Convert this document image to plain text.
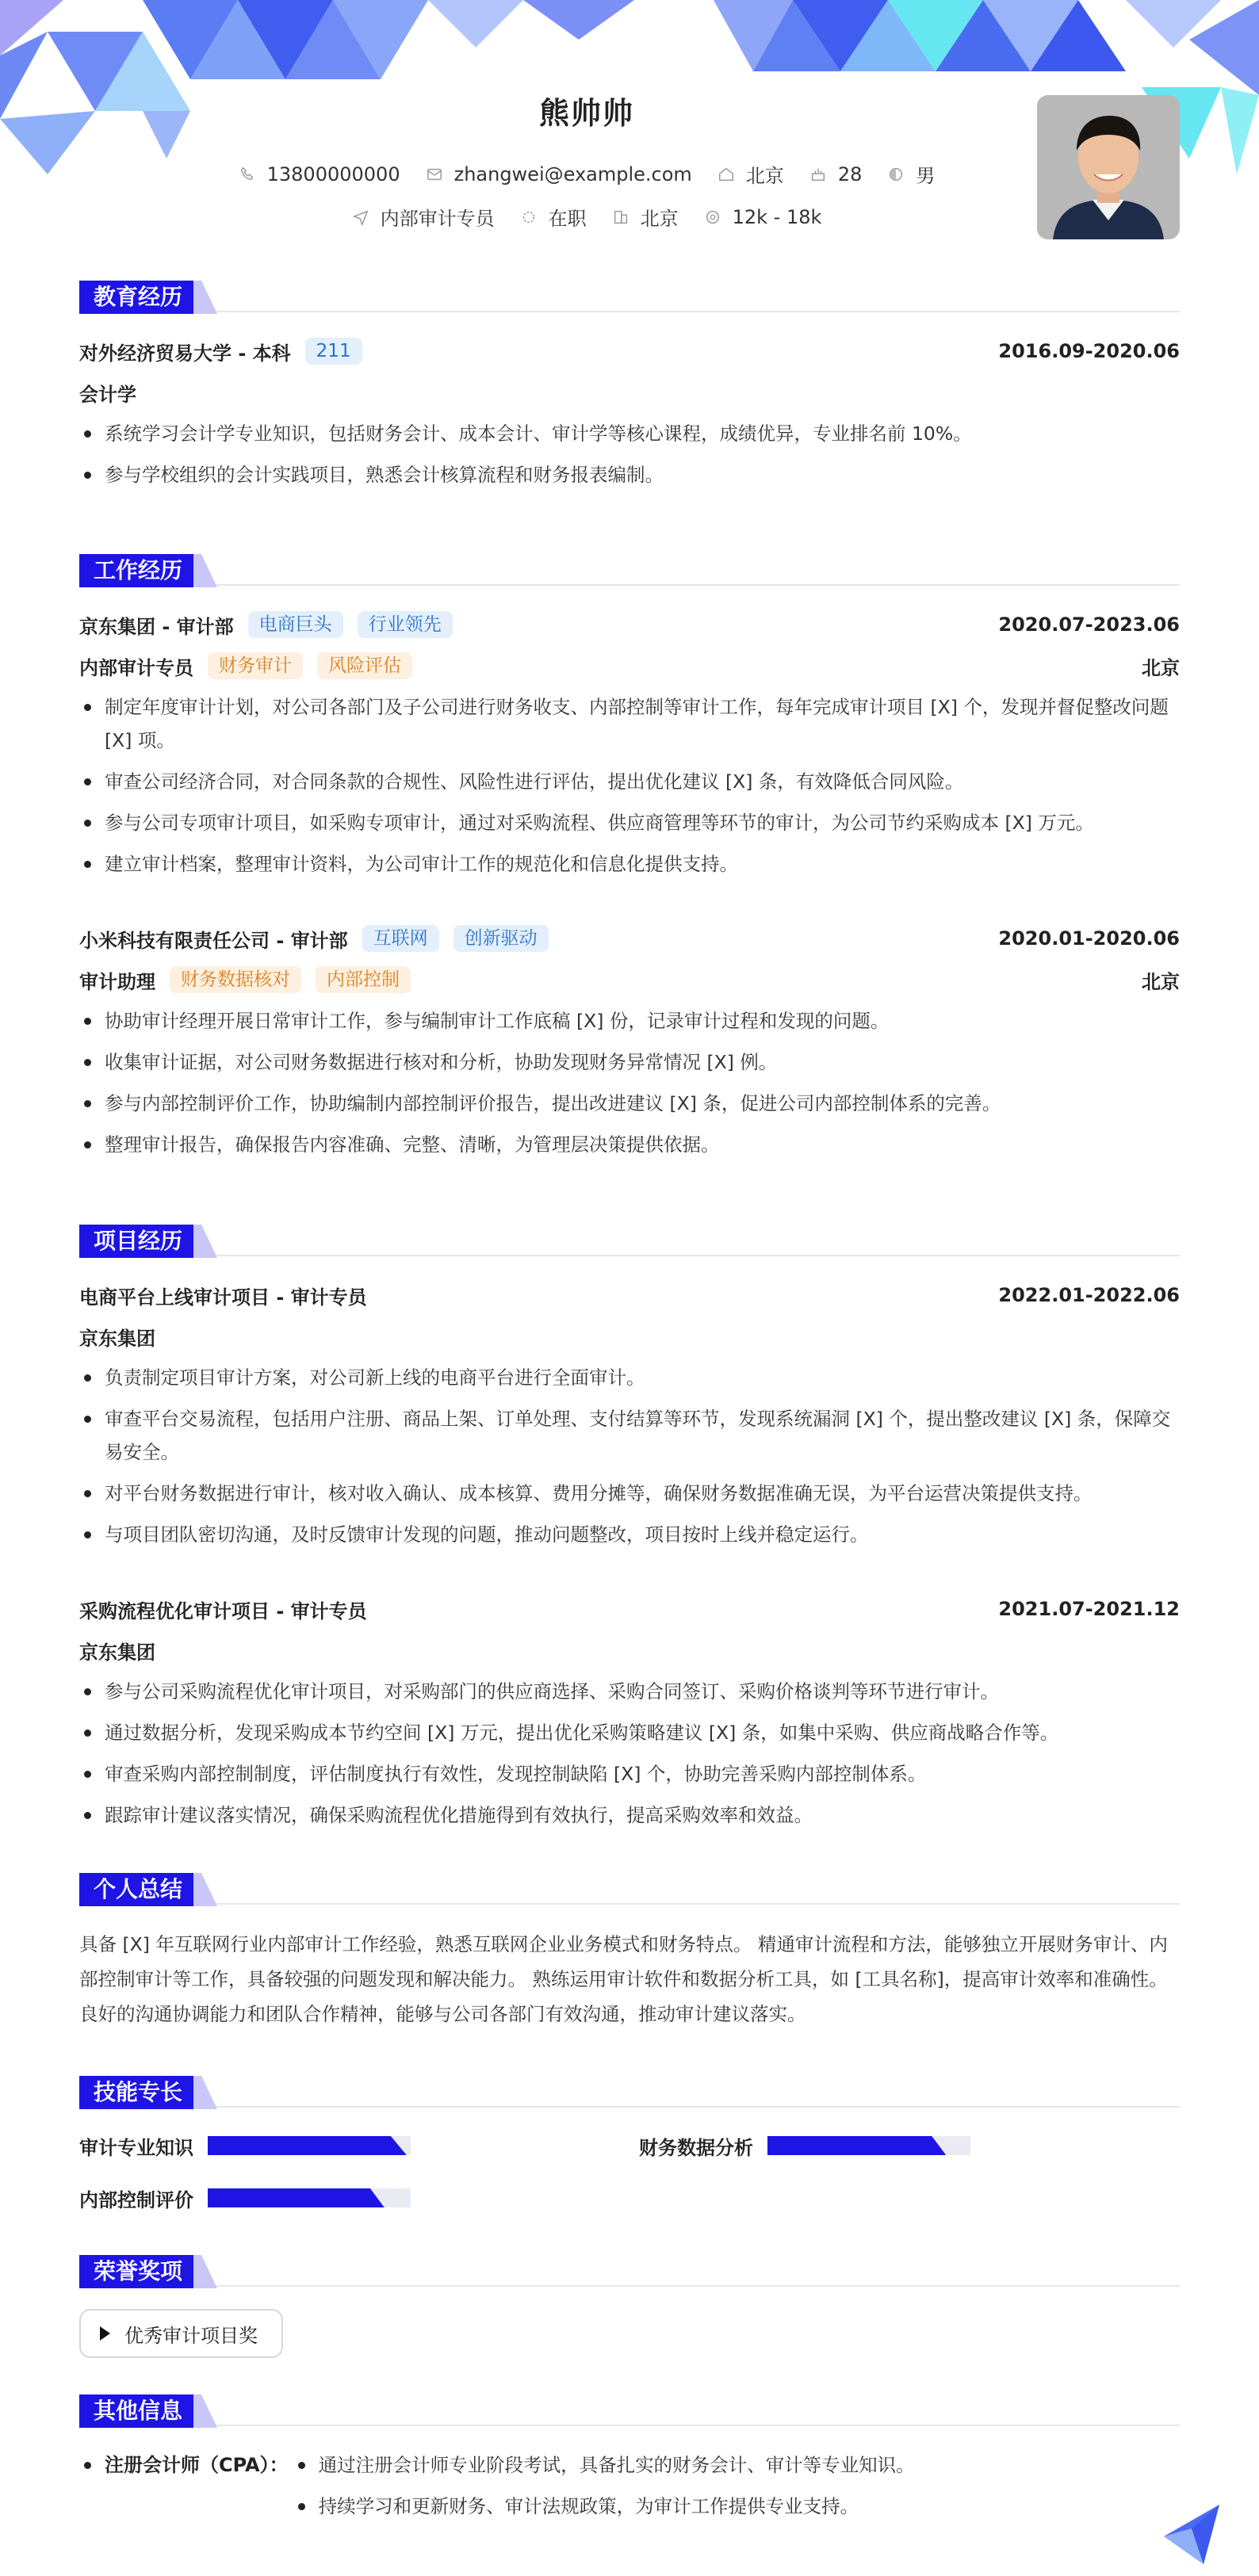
熊帅帅
13800000000	zhangwei@example.com	北京	28	男
内部审计专员	在职	北京	12k - 18k
教育经历
对外经济贸易大学 - 本科	211	2016.09-2020.06
会计学
系统学习会计学专业知识，包括财务会计、成本会计、审计学等核心课程，成绩优异，专业排名前 10%。
参与学校组织的会计实践项目，熟悉会计核算流程和财务报表编制。
工作经历
京东集团 - 审计部	电商巨头	行业领先	2020.07-2023.06
内部审计专员	财务审计	风险评估	北京
制定年度审计计划，对公司各部门及子公司进行财务收支、内部控制等审计工作，每年完成审计项目 [X] 个，发现并督促整改问题 [X] 项。
审查公司经济合同，对合同条款的合规性、风险性进行评估，提出优化建议 [X] 条，有效降低合同风险。
参与公司专项审计项目，如采购专项审计，通过对采购流程、供应商管理等环节的审计，为公司节约采购成本 [X] 万元。
建立审计档案，整理审计资料，为公司审计工作的规范化和信息化提供支持。
小米科技有限责任公司 - 审计部	互联网	创新驱动	2020.01-2020.06
审计助理	财务数据核对	内部控制	北京
协助审计经理开展日常审计工作，参与编制审计工作底稿 [X] 份，记录审计过程和发现的问题。
收集审计证据，对公司财务数据进行核对和分析，协助发现财务异常情况 [X] 例。
参与内部控制评价工作，协助编制内部控制评价报告，提出改进建议 [X] 条，促进公司内部控制体系的完善。
整理审计报告，确保报告内容准确、完整、清晰，为管理层决策提供依据。
项目经历
电商平台上线审计项目 - 审计专员	2022.01-2022.06
京东集团
负责制定项目审计方案，对公司新上线的电商平台进行全面审计。
审查平台交易流程，包括用户注册、商品上架、订单处理、支付结算等环节，发现系统漏洞 [X] 个，提出整改建议 [X] 条，保障交易安全。
对平台财务数据进行审计，核对收入确认、成本核算、费用分摊等，确保财务数据准确无误，为平台运营决策提供支持。
与项目团队密切沟通，及时反馈审计发现的问题，推动问题整改，项目按时上线并稳定运行。
采购流程优化审计项目 - 审计专员	2021.07-2021.12
京东集团
参与公司采购流程优化审计项目，对采购部门的供应商选择、采购合同签订、采购价格谈判等环节进行审计。
通过数据分析，发现采购成本节约空间 [X] 万元，提出优化采购策略建议 [X] 条，如集中采购、供应商战略合作等。
审查采购内部控制制度，评估制度执行有效性，发现控制缺陷 [X] 个，协助完善采购内部控制体系。
跟踪审计建议落实情况，确保采购流程优化措施得到有效执行，提高采购效率和效益。
个人总结
具备 [X] 年互联网行业内部审计工作经验，熟悉互联网企业业务模式和财务特点。 精通审计流程和方法，能够独立开展财务审计、内部控制审计等工作，具备较强的问题发现和解决能力。 熟练运用审计软件和数据分析工具，如 [工具名称]，提高审计效率和准确性。 良好的沟通协调能力和团队合作精神，能够与公司各部门有效沟通，推动审计建议落实。
技能专长
审计专业知识	财务数据分析
内部控制评价
荣誉奖项
优秀审计项目奖
其他信息
注册会计师（CPA）：	通过注册会计师专业阶段考试，具备扎实的财务会计、审计等专业知识。
持续学习和更新财务、审计法规政策，为审计工作提供专业支持。
